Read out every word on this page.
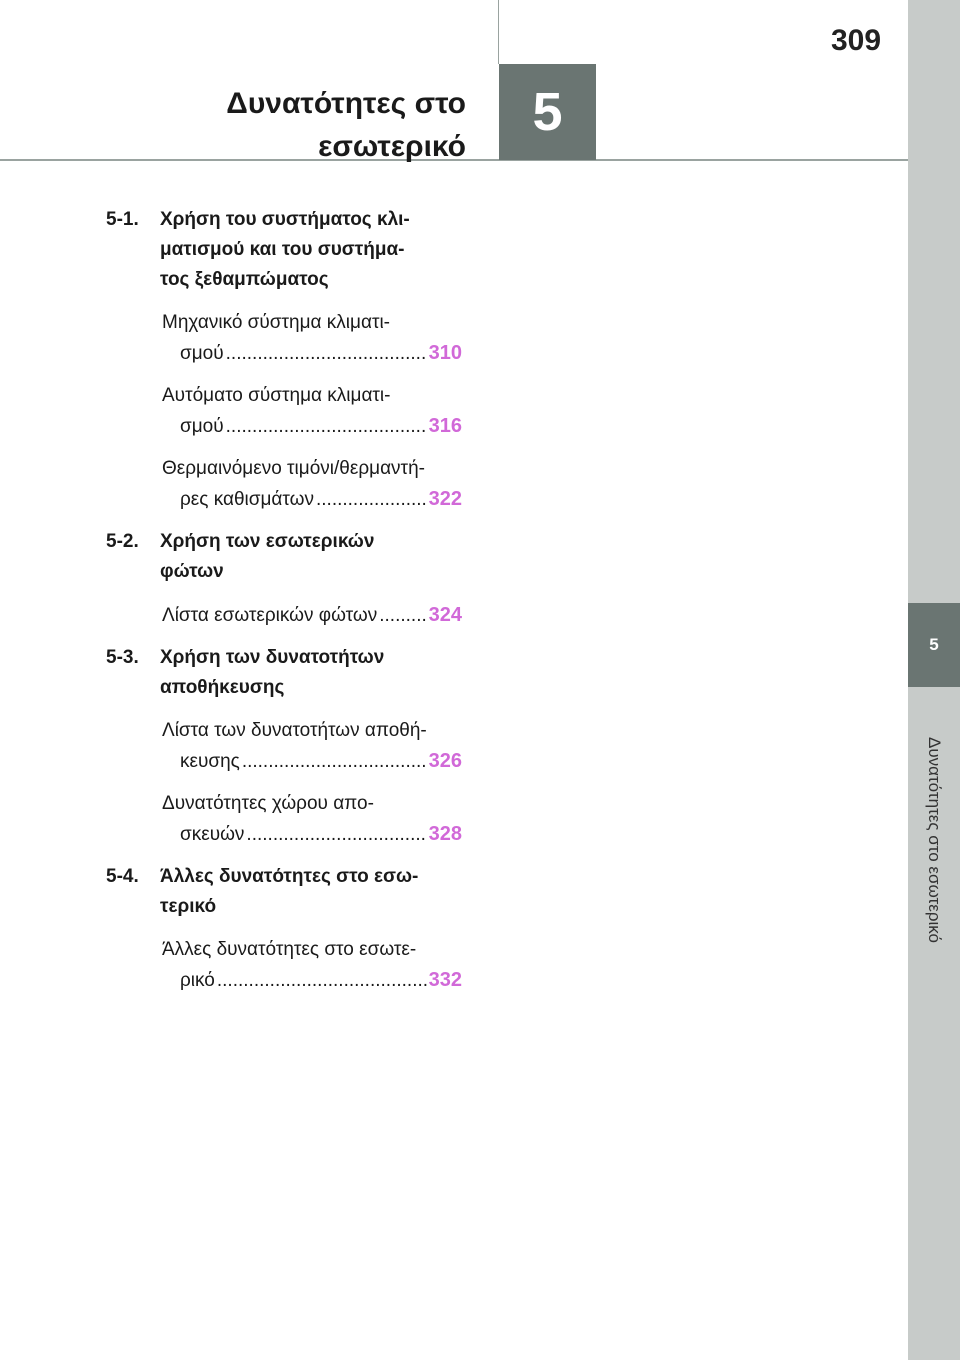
309
Δυνατότητες στο
εσωτερικό
5
5
Δυνατότητες στο εσωτερικό
5-1. Χρήση του συστήματος κλι-
ματισμού και του συστήμα-
τος ξεθαμπώματος
Μηχανικό σύστημα κλιματι-
σμού .....	310
Αυτόματο σύστημα κλιματι-
σμού .....	316
Θερμαινόμενο τιμόνι/θερμαντή-
ρες καθισμάτων .....	322
5-2. Χρήση των εσωτερικών
φώτων
Λίστα εσωτερικών φώτων .....	324
5-3. Χρήση των δυνατοτήτων
αποθήκευσης
Λίστα των δυνατοτήτων αποθή-
κευσης .....	326
Δυνατότητες χώρου απο-
σκευών .....	328
5-4. Άλλες δυνατότητες στο εσω-
τερικό
Άλλες δυνατότητες στο εσωτε-
ρικό .....	332
